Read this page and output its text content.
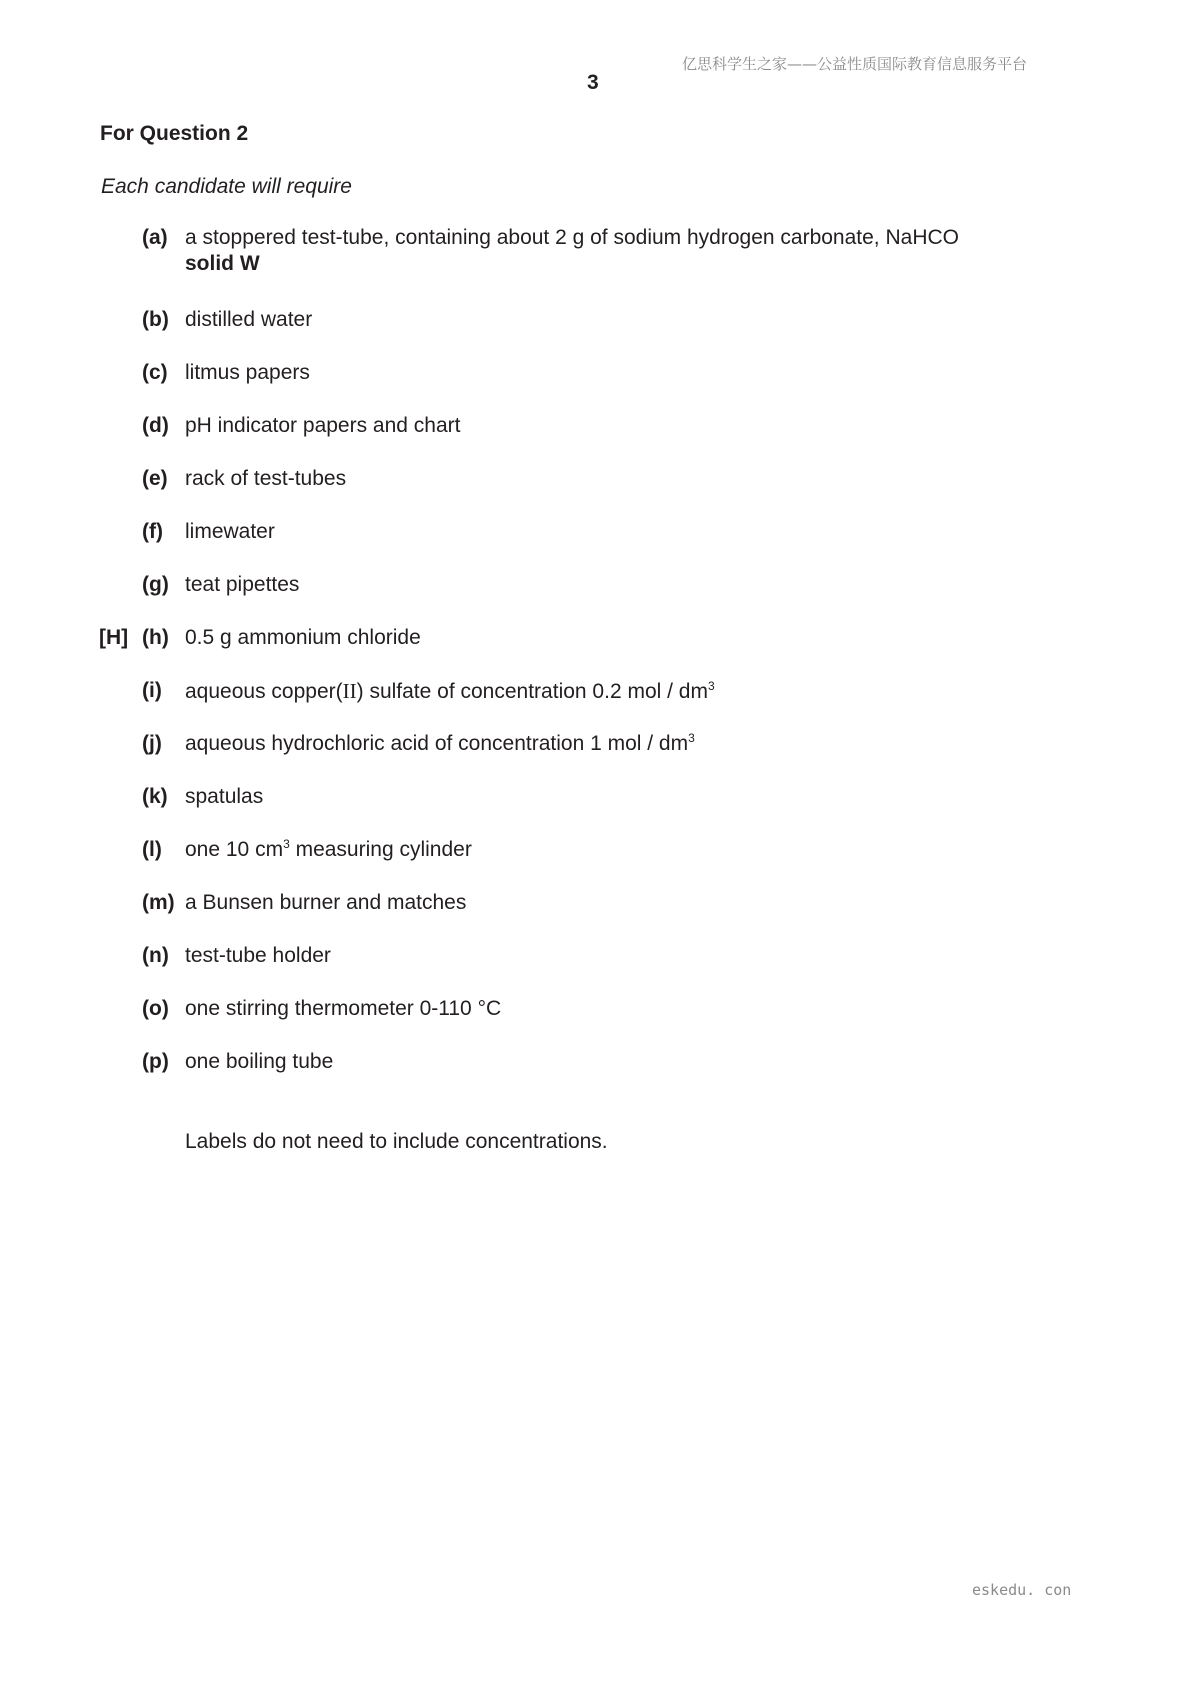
亿思科学生之家——公益性质国际教育信息服务平台
3
For Question 2
Each candidate will require
(a) a stoppered test-tube, containing about 2 g of sodium hydrogen carbonate, NaHCO
solid W
(b) distilled water
(c) litmus papers
(d) pH indicator papers and chart
(e) rack of test-tubes
(f) limewater
(g) teat pipettes
[H] (h) 0.5 g ammonium chloride
(i) aqueous copper(II) sulfate of concentration 0.2 mol / $dm^3$
(j) aqueous hydrochloric acid of concentration 1 mol / $dm^3$
(k) spatulas
(l) one 10 $cm^3$ measuring cylinder
(m) a Bunsen burner and matches
(n) test-tube holder
(o) one stirring thermometer 0-110 °C
(p) one boiling tube
Labels do not need to include concentrations.
eskedu. con
